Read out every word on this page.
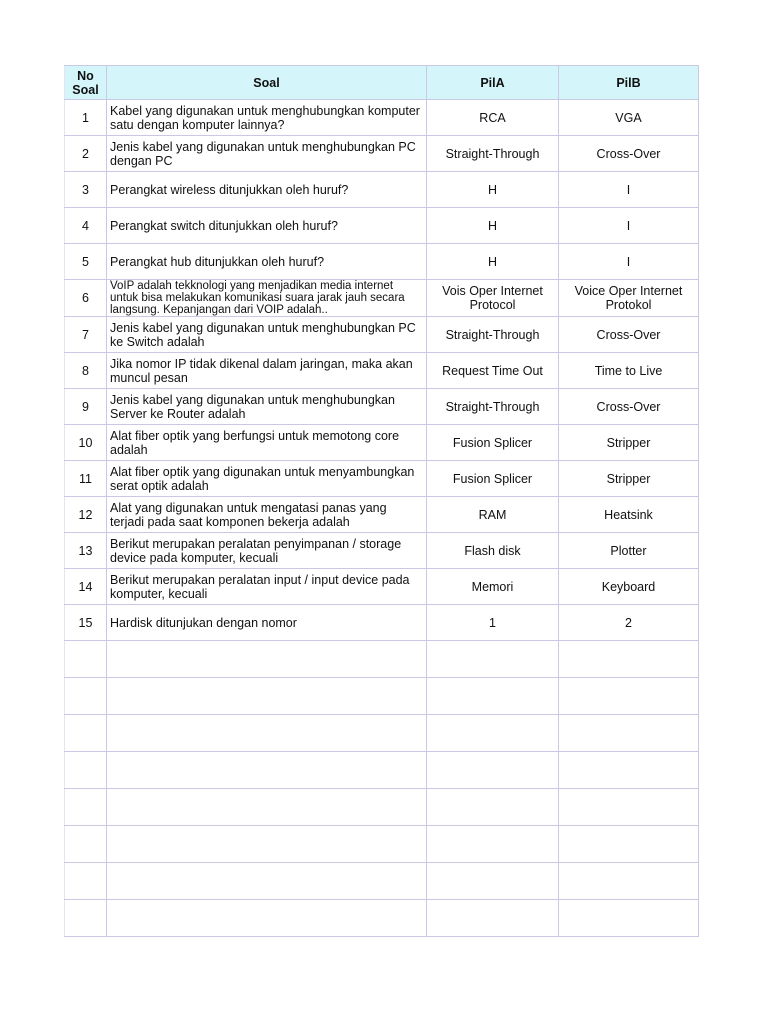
No Soal	Soal	PilA	PilB
1	Kabel yang digunakan untuk menghubungkan komputer satu dengan komputer lainnya?	RCA	VGA
2	Jenis kabel yang digunakan untuk menghubungkan PC dengan PC	Straight-Through	Cross-Over
3	Perangkat wireless ditunjukkan oleh huruf?	H	I
4	Perangkat switch ditunjukkan oleh huruf?	H	I
5	Perangkat hub ditunjukkan oleh huruf?	H	I
6	VoIP adalah tekknologi yang menjadikan media internet untuk bisa melakukan komunikasi suara jarak jauh secara langsung. Kepanjangan dari VOIP adalah..	Vois Oper Internet Protocol	Voice Oper Internet Protokol
7	Jenis kabel yang digunakan untuk menghubungkan PC ke Switch adalah	Straight-Through	Cross-Over
8	Jika nomor IP tidak dikenal dalam jaringan, maka akan muncul pesan	Request Time Out	Time to Live
9	Jenis kabel yang digunakan untuk menghubungkan Server ke Router adalah	Straight-Through	Cross-Over
10	Alat fiber optik yang berfungsi untuk memotong core adalah	Fusion Splicer	Stripper
11	Alat fiber optik yang digunakan untuk menyambungkan serat optik adalah	Fusion Splicer	Stripper
12	Alat yang digunakan untuk mengatasi panas yang terjadi pada saat komponen bekerja adalah	RAM	Heatsink
13	Berikut merupakan peralatan penyimpanan / storage device pada komputer, kecuali	Flash disk	Plotter
14	Berikut merupakan peralatan input / input device pada komputer, kecuali	Memori	Keyboard
15	Hardisk ditunjukan dengan nomor	1	2
